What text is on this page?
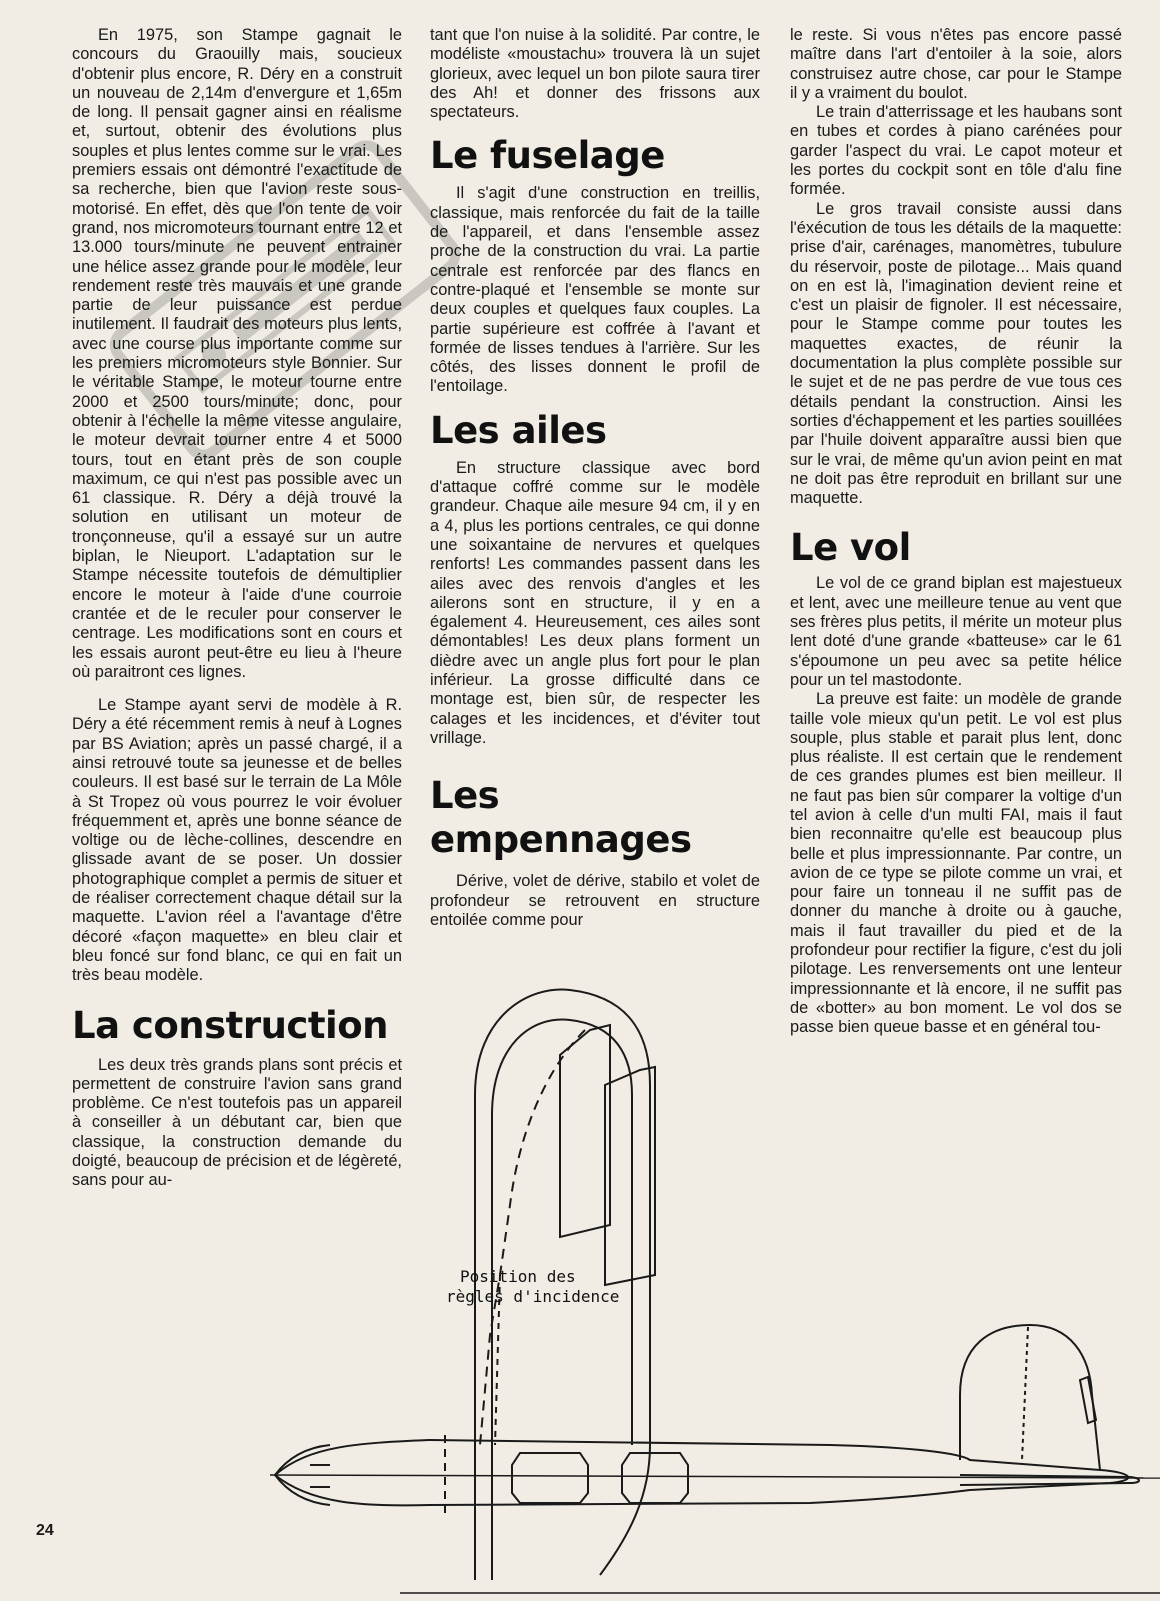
En 1975, son Stampe gagnait le concours du Graouilly mais, soucieux d'obtenir plus encore, R. Déry en a construit un nouveau de 2,14m d'envergure et 1,65m de long. Il pensait gagner ainsi en réalisme et, surtout, obtenir des évolutions plus souples et plus lentes comme sur le vrai. Les premiers essais ont démontré l'exactitude de sa recherche, bien que l'avion reste sous-motorisé. En effet, dès que l'on tente de voir grand, nos micromoteurs tournant entre 12 et 13.000 tours/minute ne peuvent entrainer une hélice assez grande pour le modèle, leur rendement reste très mauvais et une grande partie de leur puissance est perdue inutilement. Il faudrait des moteurs plus lents, avec une course plus importante comme sur les premiers micromoteurs style Bonnier. Sur le véritable Stampe, le moteur tourne entre 2000 et 2500 tours/minute; donc, pour obtenir à l'échelle la même vitesse angulaire, le moteur devrait tourner entre 4 et 5000 tours, tout en étant près de son couple maximum, ce qui n'est pas possible avec un 61 classique. R. Déry a déjà trouvé la solution en utilisant un moteur de tronçonneuse, qu'il a essayé sur un autre biplan, le Nieuport. L'adaptation sur le Stampe nécessite toutefois de démultiplier encore le moteur à l'aide d'une courroie crantée et de le reculer pour conserver le centrage. Les modifications sont en cours et les essais auront peut-être eu lieu à l'heure où paraitront ces lignes.

Le Stampe ayant servi de modèle à R. Déry a été récemment remis à neuf à Lognes par BS Aviation; après un passé chargé, il a ainsi retrouvé toute sa jeunesse et de belles couleurs. Il est basé sur le terrain de La Môle à St Tropez où vous pourrez le voir évoluer fréquemment et, après une bonne séance de voltige ou de lèche-collines, descendre en glissade avant de se poser. Un dossier photographique complet a permis de situer et de réaliser correctement chaque détail sur la maquette. L'avion réel a l'avantage d'être décoré «façon maquette» en bleu clair et bleu foncé sur fond blanc, ce qui en fait un très beau modèle.

La construction

Les deux très grands plans sont précis et permettent de construire l'avion sans grand problème. Ce n'est toutefois pas un appareil à conseiller à un débutant car, bien que classique, la construction demande du doigté, beaucoup de précision et de légèreté, sans pour au-

tant que l'on nuise à la solidité. Par contre, le modéliste «moustachu» trouvera là un sujet glorieux, avec lequel un bon pilote saura tirer des Ah! et donner des frissons aux spectateurs.

Le fuselage

Il s'agit d'une construction en treillis, classique, mais renforcée du fait de la taille de l'appareil, et dans l'ensemble assez proche de la construction du vrai. La partie centrale est renforcée par des flancs en contre-plaqué et l'ensemble se monte sur deux couples et quelques faux couples. La partie supérieure est coffrée à l'avant et formée de lisses tendues à l'arrière. Sur les côtés, des lisses donnent le profil de l'entoilage.

Les ailes

En structure classique avec bord d'attaque coffré comme sur le modèle grandeur. Chaque aile mesure 94 cm, il y en a 4, plus les portions centrales, ce qui donne une soixantaine de nervures et quelques renforts! Les commandes passent dans les ailes avec des renvois d'angles et les ailerons sont en structure, il y en a également 4. Heureusement, ces ailes sont démontables! Les deux plans forment un dièdre avec un angle plus fort pour le plan inférieur. La grosse difficulté dans ce montage est, bien sûr, de respecter les calages et les incidences, et d'éviter tout vrillage.

Les empennages

Dérive, volet de dérive, stabilo et volet de profondeur se retrouvent en structure entoilée comme pour

le reste. Si vous n'êtes pas encore passé maître dans l'art d'entoiler à la soie, alors construisez autre chose, car pour le Stampe il y a vraiment du boulot.

Le train d'atterrissage et les haubans sont en tubes et cordes à piano carénées pour garder l'aspect du vrai. Le capot moteur et les portes du cockpit sont en tôle d'alu fine formée.

Le gros travail consiste aussi dans l'éxécution de tous les détails de la maquette: prise d'air, carénages, manomètres, tubulure du réservoir, poste de pilotage... Mais quand on en est là, l'imagination devient reine et c'est un plaisir de fignoler. Il est nécessaire, pour le Stampe comme pour toutes les maquettes exactes, de réunir la documentation la plus complète possible sur le sujet et de ne pas perdre de vue tous ces détails pendant la construction. Ainsi les sorties d'échappement et les parties souillées par l'huile doivent apparaître aussi bien que sur le vrai, de même qu'un avion peint en mat ne doit pas être reproduit en brillant sur une maquette.

Le vol

Le vol de ce grand biplan est majestueux et lent, avec une meilleure tenue au vent que ses frères plus petits, il mérite un moteur plus lent doté d'une grande «batteuse» car le 61 s'époumone un peu avec sa petite hélice pour un tel mastodonte.

La preuve est faite: un modèle de grande taille vole mieux qu'un petit. Le vol est plus souple, plus stable et parait plus lent, donc plus réaliste. Il est certain que le rendement de ces grandes plumes est bien meilleur. Il ne faut pas bien sûr comparer la voltige d'un tel avion à celle d'un multi FAI, mais il faut bien reconnaitre qu'elle est beaucoup plus belle et plus impressionnante. Par contre, un avion de ce type se pilote comme un vrai, et pour faire un tonneau il ne suffit pas de donner du manche à droite ou à gauche, mais il faut travailler du pied et de la profondeur pour rectifier la figure, c'est du joli pilotage. Les renversements ont une lenteur impressionnante et là encore, il ne suffit pas de «botter» au bon moment. Le vol dos se passe bien queue basse et en général tou-

Position des
règles d'incidence
24
